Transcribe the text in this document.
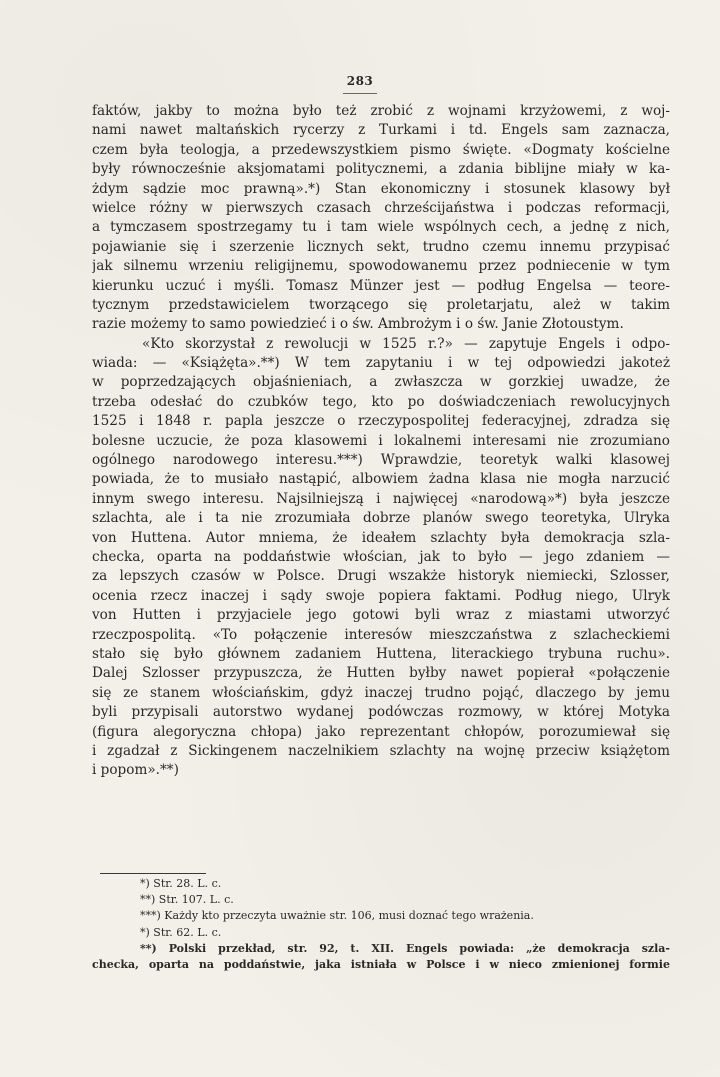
283
faktów, jakby to można było też zrobić z wojnami krzyżowemi, z woj-
nami nawet maltańskich rycerzy z Turkami i td. Engels sam zaznacza,
czem była teologja, a przedewszystkiem pismo święte. «Dogmaty kościelne
były równocześnie aksjomatami politycznemi, a zdania biblijne miały w ka-
żdym sądzie moc prawną».*) Stan ekonomiczny i stosunek klasowy był
wielce różny w pierwszych czasach chrześcijaństwa i podczas reformacji,
a tymczasem spostrzegamy tu i tam wiele wspólnych cech, a jednę z nich,
pojawianie się i szerzenie licznych sekt, trudno czemu innemu przypisać
jak silnemu wrzeniu religijnemu, spowodowanemu przez podniecenie w tym
kierunku uczuć i myśli. Tomasz Münzer jest — podług Engelsa — teore-
tycznym przedstawicielem tworzącego się proletarjatu, ależ w takim
razie możemy to samo powiedzieć i o św. Ambrożym i o św. Janie Złotoustym.
«Kto skorzystał z rewolucji w 1525 r.?» — zapytuje Engels i odpo-
wiada: — «Książęta».**) W tem zapytaniu i w tej odpowiedzi jakoteż
w poprzedzających objaśnieniach, a zwłaszcza w gorzkiej uwadze, że
trzeba odesłać do czubków tego, kto po doświadczeniach rewolucyjnych
1525 i 1848 r. papla jeszcze o rzeczypospolitej federacyjnej, zdradza się
bolesne uczucie, że poza klasowemi i lokalnemi interesami nie zrozumiano
ogólnego narodowego interesu.***) Wprawdzie, teoretyk walki klasowej
powiada, że to musiało nastąpić, albowiem żadna klasa nie mogła narzucić
innym swego interesu. Najsilniejszą i najwięcej «narodową»*) była jeszcze
szlachta, ale i ta nie zrozumiała dobrze planów swego teoretyka, Ulryka
von Huttena. Autor mniema, że ideałem szlachty była demokracja szla-
checka, oparta na poddaństwie włościan, jak to było — jego zdaniem —
za lepszych czasów w Polsce. Drugi wszakże historyk niemiecki, Szlosser,
ocenia rzecz inaczej i sądy swoje popiera faktami. Podług niego, Ulryk
von Hutten i przyjaciele jego gotowi byli wraz z miastami utworzyć
rzeczpospolitą. «To połączenie interesów mieszczaństwa z szlacheckiemi
stało się było głównem zadaniem Huttena, literackiego trybuna ruchu».
Dalej Szlosser przypuszcza, że Hutten byłby nawet popierał «połączenie
się ze stanem włościańskim, gdyż inaczej trudno pojąć, dlaczego by jemu
byli przypisali autorstwo wydanej podówczas rozmowy, w której Motyka
(figura alegoryczna chłopa) jako reprezentant chłopów, porozumiewał się
i zgadzał z Sickingenem naczelnikiem szlachty na wojnę przeciw książętom
i popom».**)
*) Str. 28. L. c.
**) Str. 107. L. c.
***) Każdy kto przeczyta uważnie str. 106, musi doznać tego wrażenia.
*) Str. 62. L. c.
**) Polski przekład, str. 92, t. XII. Engels powiada: „że demokracja szla-
checka, oparta na poddaństwie, jaka istniała w Polsce i w nieco zmienionej formie
